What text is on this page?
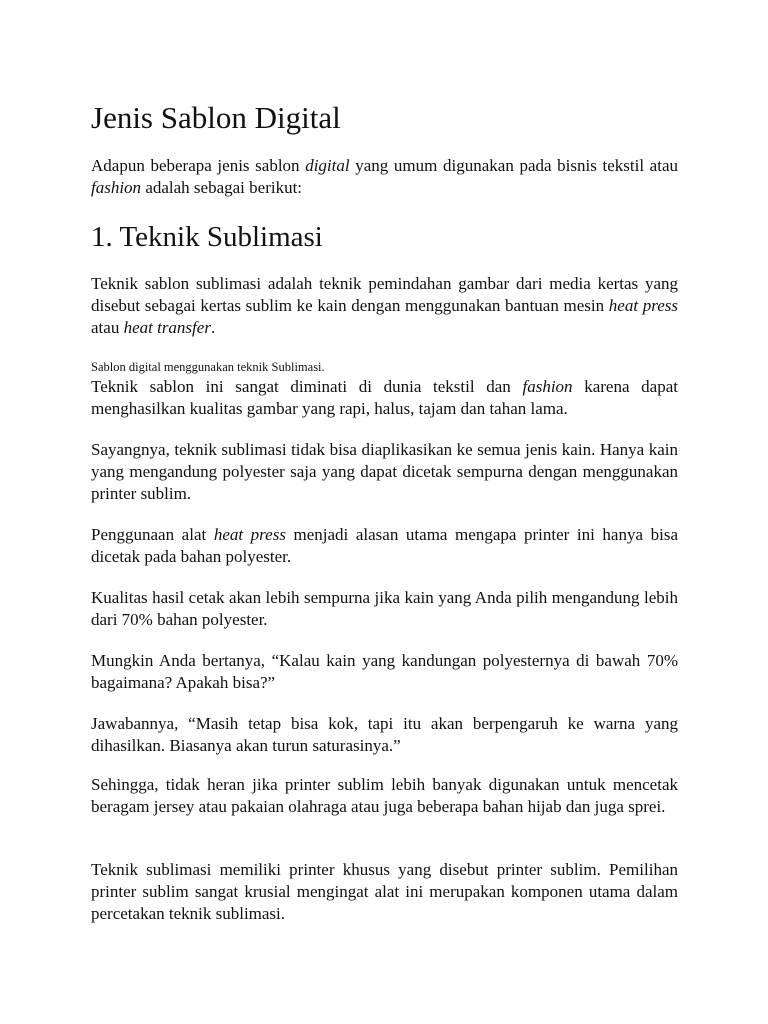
Jenis Sablon Digital

Adapun beberapa jenis sablon digital yang umum digunakan pada bisnis tekstil atau fashion adalah sebagai berikut:

1. Teknik Sublimasi

Teknik sablon sublimasi adalah teknik pemindahan gambar dari media kertas yang disebut sebagai kertas sublim ke kain dengan menggunakan bantuan mesin heat press atau heat transfer.

Sablon digital menggunakan teknik Sublimasi.

Teknik sablon ini sangat diminati di dunia tekstil dan fashion karena dapat menghasilkan kualitas gambar yang rapi, halus, tajam dan tahan lama.

Sayangnya, teknik sublimasi tidak bisa diaplikasikan ke semua jenis kain. Hanya kain yang mengandung polyester saja yang dapat dicetak sempurna dengan menggunakan printer sublim.

Penggunaan alat heat press menjadi alasan utama mengapa printer ini hanya bisa dicetak pada bahan polyester.

Kualitas hasil cetak akan lebih sempurna jika kain yang Anda pilih mengandung lebih dari 70% bahan polyester.

Mungkin Anda bertanya, “Kalau kain yang kandungan polyesternya di bawah 70% bagaimana? Apakah bisa?”

Jawabannya, “Masih tetap bisa kok, tapi itu akan berpengaruh ke warna yang dihasilkan. Biasanya akan turun saturasinya.”

Sehingga, tidak heran jika printer sublim lebih banyak digunakan untuk mencetak beragam jersey atau pakaian olahraga atau juga beberapa bahan hijab dan juga sprei.

Teknik sublimasi memiliki printer khusus yang disebut printer sublim. Pemilihan printer sublim sangat krusial mengingat alat ini merupakan komponen utama dalam percetakan teknik sublimasi.
